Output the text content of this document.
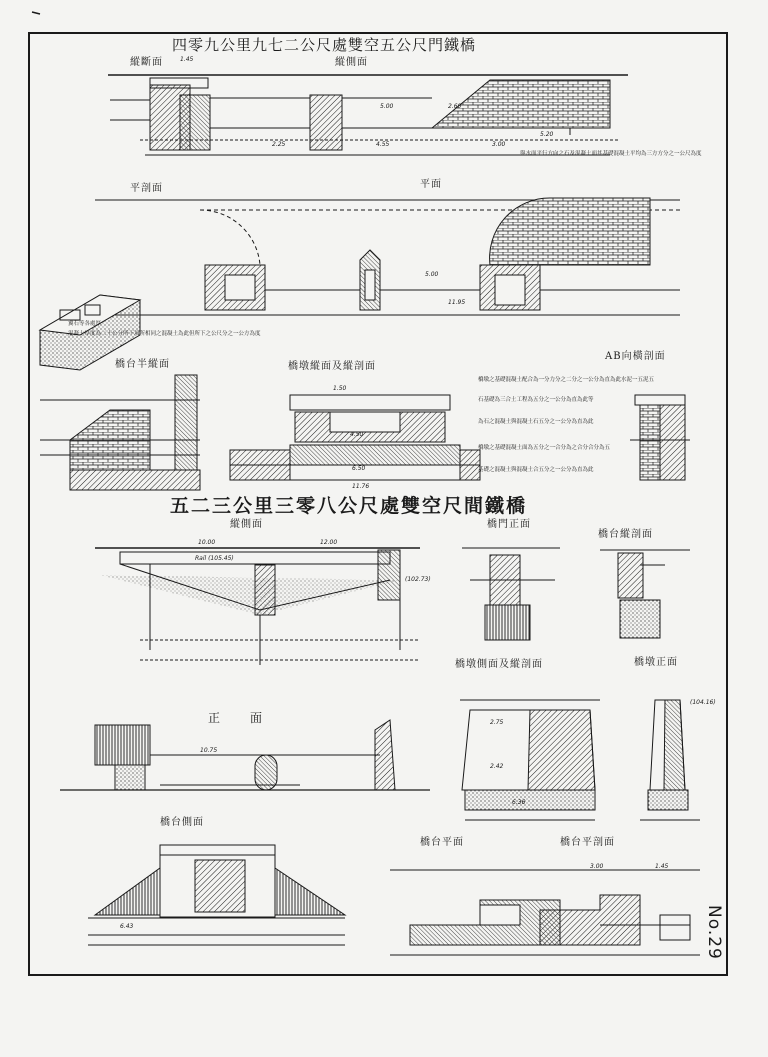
四零九公里九七二公尺處雙空五公尺門鐵橋
縱斷面	縱側面
平剖面	平面
橋台半縱面	橋墩縱面及縱剖面
AB向橫剖面
五二三公里三零八公尺處雙空尺間鐵橋
縱側面	橋門正面
橋台縱剖面
橋墩側面及縱剖面	橋墩正面
正　　面
橋台側面
橋台平面	橋台平剖面
與水面平行方向之石及混凝土面其基礎混凝土平均為三方方分之一公尺為度
翼石等各處厚
混凝土厚度為二十公分所下項所相同之混凝土為此但所下之公尺分之一公方為度
橋墩之基礎混凝土配合為一分力分之二分之一公分為直為此水泥一五泥五
石基礎為三合土工程為五分之一公分為直為此等
為石之混凝土與混凝土石五分之一公分為直為此
橋墩之基礎混凝土面為五分之一合分為之合分合分為五
基礎之混凝土與混凝土合五分之一公分為直為此
1.45
2.25
5.00
4.55
2.60
5.20
3.00
11.95
5.00
1.50
4.50
6.50
11.76
10.00	12.00
Rail (105.45)
(102.73)
10.75
6.43
2.42
6.36
2.75
3.00	1.45
(104.16)
No.29
